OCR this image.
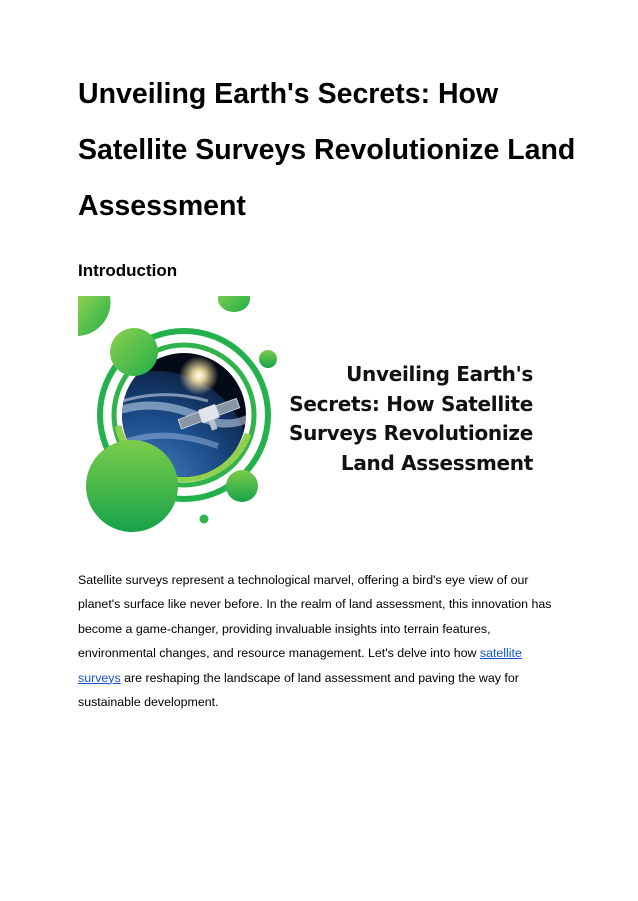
Unveiling Earth's Secrets: How Satellite Surveys Revolutionize Land Assessment
Introduction
Unveiling Earth's
Secrets: How Satellite
Surveys Revolutionize
Land Assessment

Satellite surveys represent a technological marvel, offering a bird's eye view of our planet's surface like never before. In the realm of land assessment, this innovation has become a game-changer, providing invaluable insights into terrain features, environmental changes, and resource management. Let's delve into how satellite surveys are reshaping the landscape of land assessment and paving the way for sustainable development.
